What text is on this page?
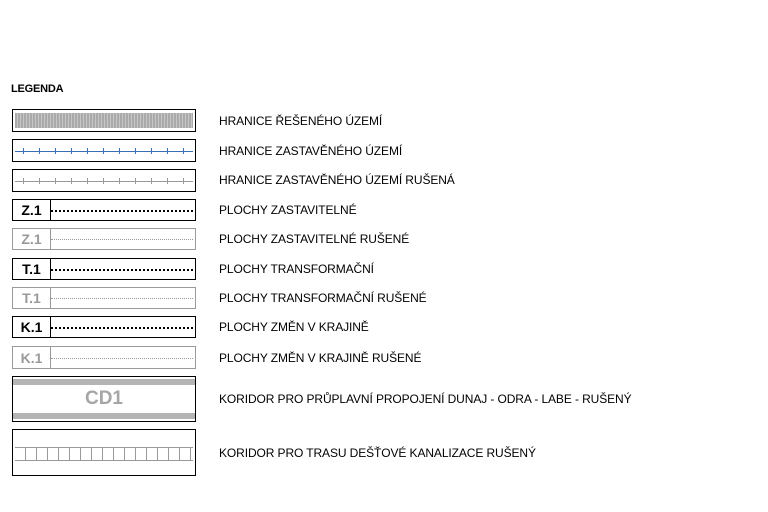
LEGENDA
HRANICE ŘEŠENÉHO ÚZEMÍ
HRANICE ZASTAVĚNÉHO ÚZEMÍ
HRANICE ZASTAVĚNÉHO ÚZEMÍ RUŠENÁ
Z.1	PLOCHY ZASTAVITELNÉ
Z.1	PLOCHY ZASTAVITELNÉ RUŠENÉ
T.1	PLOCHY TRANSFORMAČNÍ
T.1	PLOCHY TRANSFORMAČNÍ RUŠENÉ
K.1	PLOCHY ZMĚN V KRAJINĚ
K.1	PLOCHY ZMĚN V KRAJINĚ RUŠENÉ
CD1	KORIDOR PRO PRŮPLAVNÍ PROPOJENÍ DUNAJ - ODRA - LABE - RUŠENÝ
KORIDOR PRO TRASU DEŠŤOVÉ KANALIZACE RUŠENÝ
